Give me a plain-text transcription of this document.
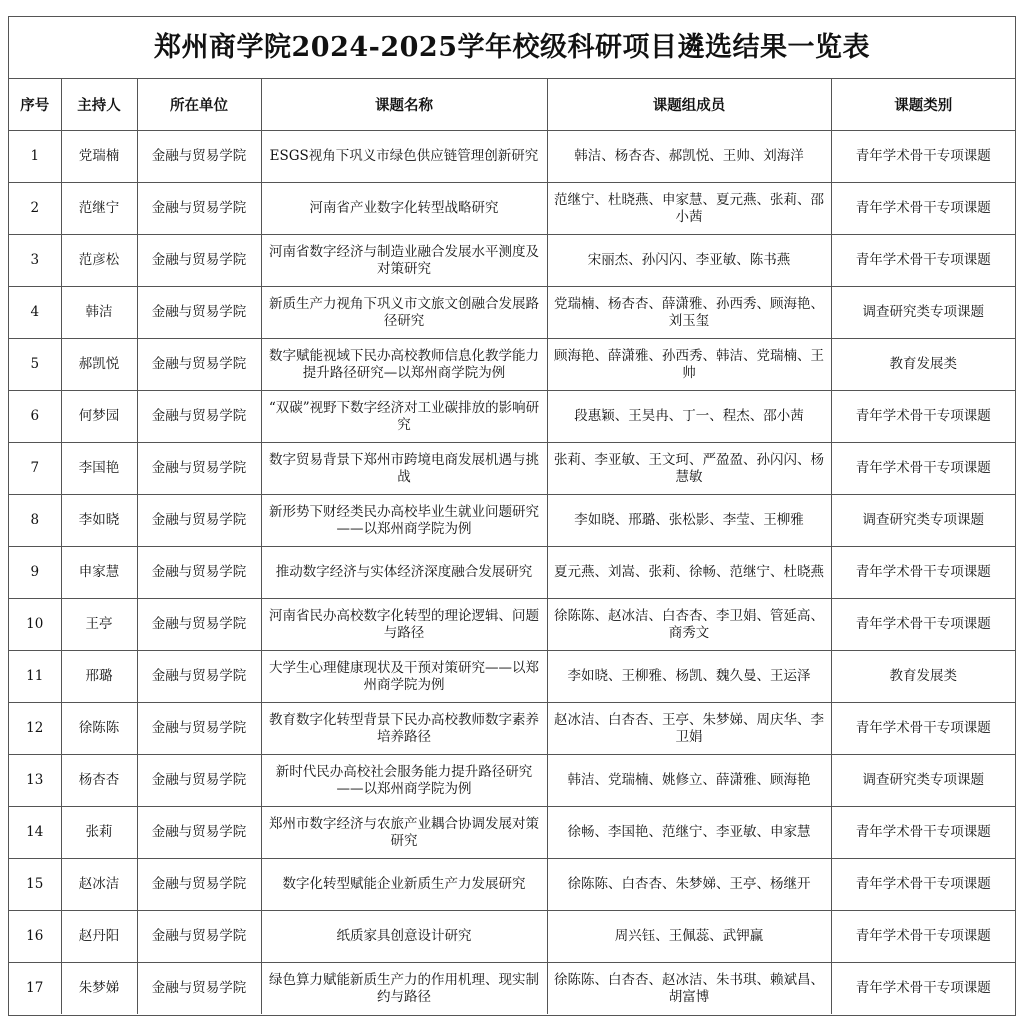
郑州商学院2024-2025学年校级科研项目遴选结果一览表
序号	主持人	所在单位	课题名称	课题组成员	课题类别
1	党瑞楠	金融与贸易学院	ESGS视角下巩义市绿色供应链管理创新研究	韩洁、杨杏杏、郝凯悦、王帅、刘海洋	青年学术骨干专项课题
2	范继宁	金融与贸易学院	河南省产业数字化转型战略研究	范继宁、杜晓燕、申家慧、夏元燕、张莉、邵小茜	青年学术骨干专项课题
3	范彦松	金融与贸易学院	河南省数字经济与制造业融合发展水平测度及对策研究	宋丽杰、孙闪闪、李亚敏、陈书燕	青年学术骨干专项课题
4	韩洁	金融与贸易学院	新质生产力视角下巩义市文旅文创融合发展路径研究	党瑞楠、杨杏杏、薛潇雅、孙西秀、顾海艳、刘玉玺	调查研究类专项课题
5	郝凯悦	金融与贸易学院	数字赋能视域下民办高校教师信息化教学能力提升路径研究—以郑州商学院为例	顾海艳、薛潇雅、孙西秀、韩洁、党瑞楠、王帅	教育发展类
6	何梦园	金融与贸易学院	“双碳”视野下数字经济对工业碳排放的影响研究	段惠颖、王昊冉、丁一、程杰、邵小茜	青年学术骨干专项课题
7	李国艳	金融与贸易学院	数字贸易背景下郑州市跨境电商发展机遇与挑战	张莉、李亚敏、王文珂、严盈盈、孙闪闪、杨慧敏	青年学术骨干专项课题
8	李如晓	金融与贸易学院	新形势下财经类民办高校毕业生就业问题研究——以郑州商学院为例	李如晓、邢璐、张松影、李莹、王柳雅	调查研究类专项课题
9	申家慧	金融与贸易学院	推动数字经济与实体经济深度融合发展研究	夏元燕、刘嵩、张莉、徐畅、范继宁、杜晓燕	青年学术骨干专项课题
10	王亭	金融与贸易学院	河南省民办高校数字化转型的理论逻辑、问题与路径	徐陈陈、赵冰洁、白杏杏、李卫娟、管延高、商秀文	青年学术骨干专项课题
11	邢璐	金融与贸易学院	大学生心理健康现状及干预对策研究——以郑州商学院为例	李如晓、王柳雅、杨凯、魏久曼、王运泽	教育发展类
12	徐陈陈	金融与贸易学院	教育数字化转型背景下民办高校教师数字素养培养路径	赵冰洁、白杏杏、王亭、朱梦娣、周庆华、李卫娟	青年学术骨干专项课题
13	杨杏杏	金融与贸易学院	新时代民办高校社会服务能力提升路径研究——以郑州商学院为例	韩洁、党瑞楠、姚修立、薛潇雅、顾海艳	调查研究类专项课题
14	张莉	金融与贸易学院	郑州市数字经济与农旅产业耦合协调发展对策研究	徐畅、李国艳、范继宁、李亚敏、申家慧	青年学术骨干专项课题
15	赵冰洁	金融与贸易学院	数字化转型赋能企业新质生产力发展研究	徐陈陈、白杏杏、朱梦娣、王亭、杨继开	青年学术骨干专项课题
16	赵丹阳	金融与贸易学院	纸质家具创意设计研究	周兴钰、王佩蕊、武钾赢	青年学术骨干专项课题
17	朱梦娣	金融与贸易学院	绿色算力赋能新质生产力的作用机理、现实制约与路径	徐陈陈、白杏杏、赵冰洁、朱书琪、赖斌昌、胡富博	青年学术骨干专项课题
